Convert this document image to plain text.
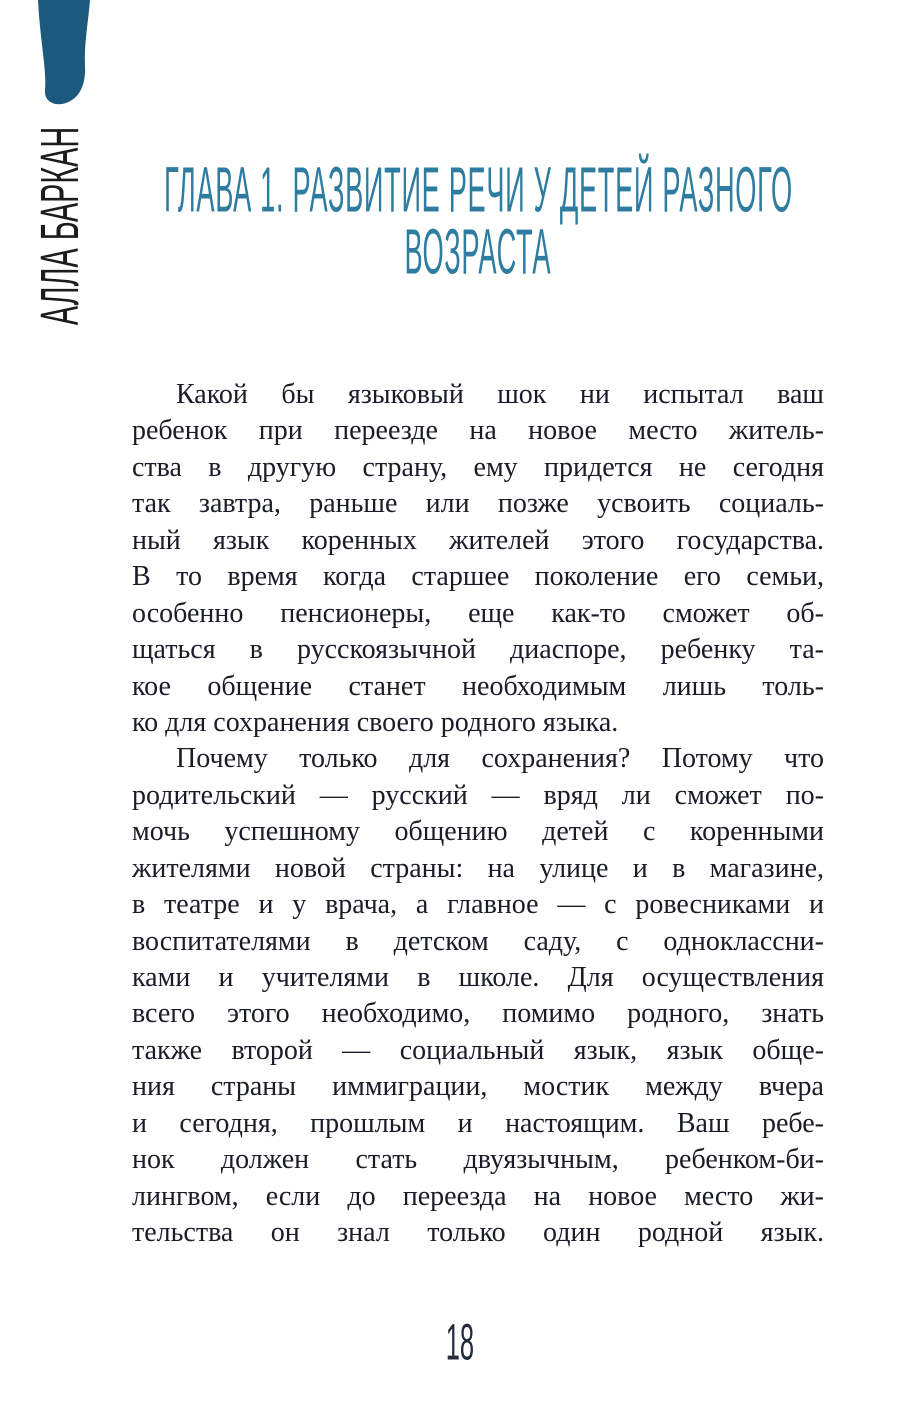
АЛЛА БАРКАН ГЛАВА 1. РАЗВИТИЕ РЕЧИ У ДЕТЕЙ РАЗНОГО
ВОЗРАСТА
Какой бы языковый шок ни испытал ваш
ребенок при переезде на новое место житель-
ства в другую страну, ему придется не сегодня
так завтра, раньше или позже усвоить социаль-
ный язык коренных жителей этого государства.
В то время когда старшее поколение его семьи,
особенно пенсионеры, еще как-то сможет об-
щаться в русскоязычной диаспоре, ребенку та-
кое общение станет необходимым лишь толь-
ко для сохранения своего родного языка.
Почему только для сохранения? Потому что
родительский — русский — вряд ли сможет по-
мочь успешному общению детей с коренными
жителями новой страны: на улице и в магазине,
в театре и у врача, а главное — с ровесниками и
воспитателями в детском саду, с одноклассни-
ками и учителями в школе. Для осуществления
всего этого необходимо, помимо родного, знать
также второй — социальный язык, язык обще-
ния страны иммиграции, мостик между вчера
и сегодня, прошлым и настоящим. Ваш ребе-
нок должен стать двуязычным, ребенком-би-
лингвом, если до переезда на новое место жи-
тельства он знал только один родной язык.
18
